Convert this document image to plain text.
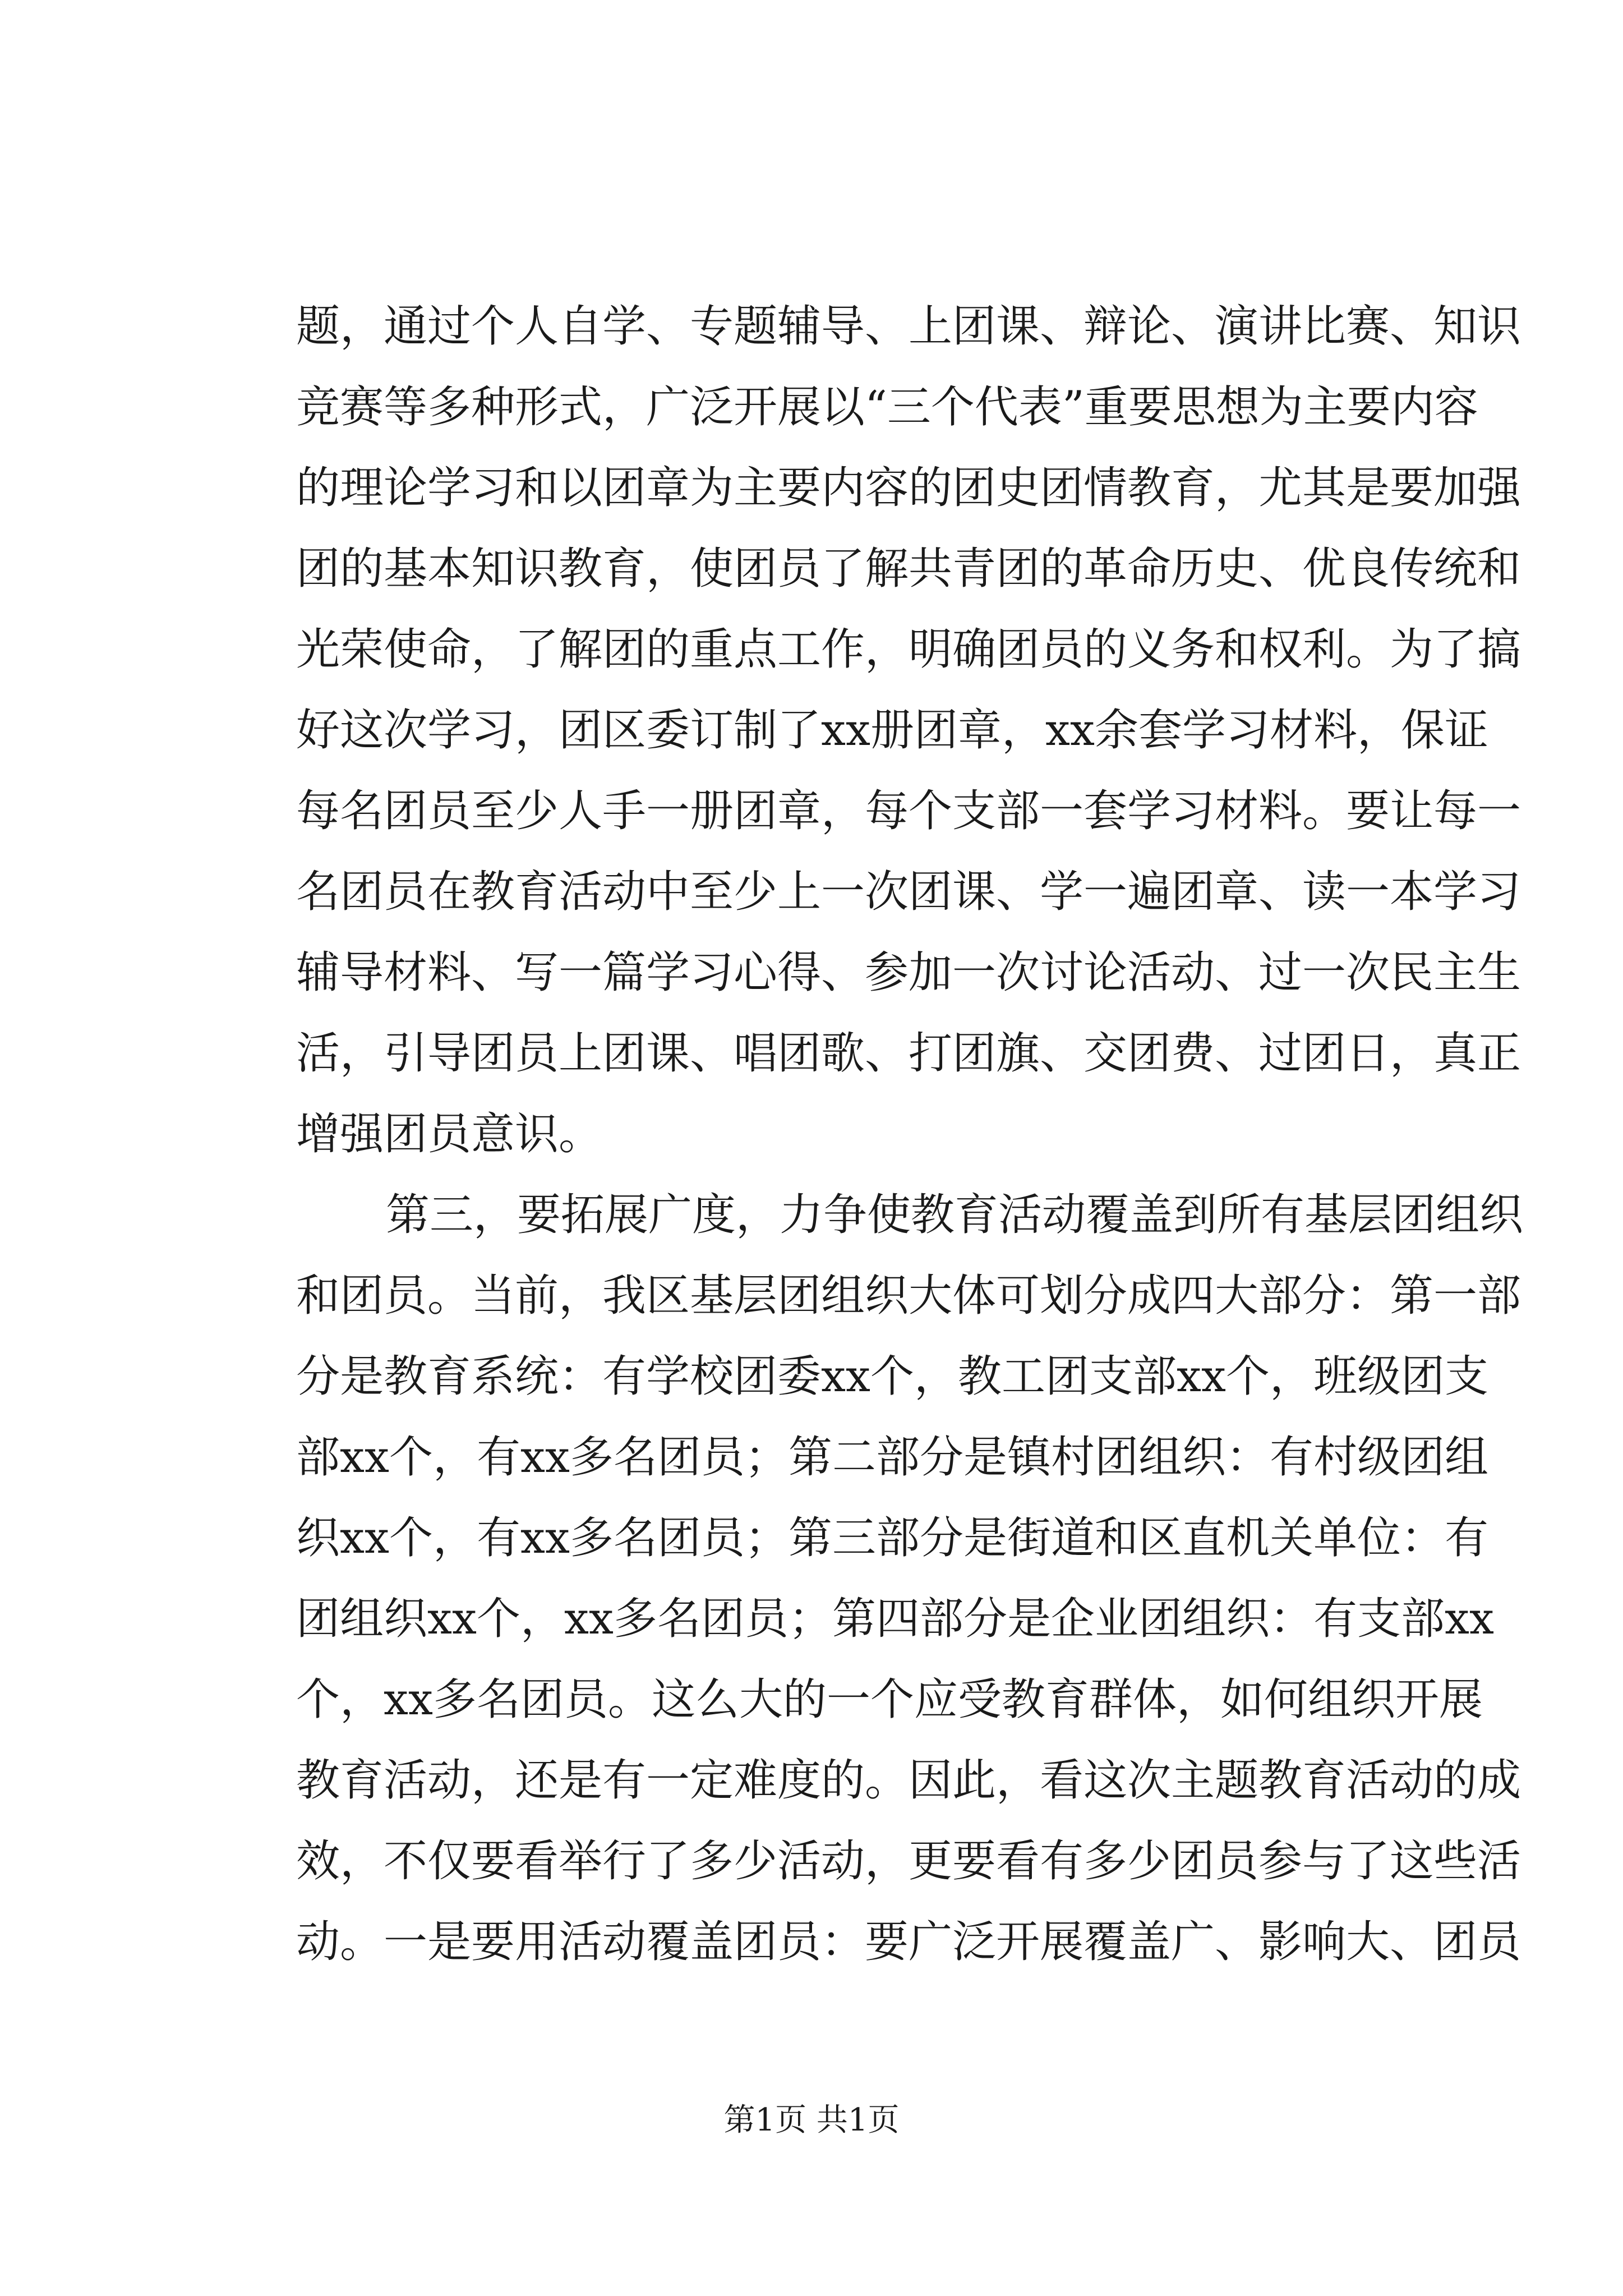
题，通过个人自学、专题辅导、上团课、辩论、演讲比赛、知识
竞赛等多种形式，广泛开展以“三个代表”重要思想为主要内容
的理论学习和以团章为主要内容的团史团情教育，尤其是要加强
团的基本知识教育，使团员了解共青团的革命历史、优良传统和
光荣使命，了解团的重点工作，明确团员的义务和权利。为了搞
好这次学习，团区委订制了xx册团章，xx余套学习材料，保证
每名团员至少人手一册团章，每个支部一套学习材料。要让每一
名团员在教育活动中至少上一次团课、学一遍团章、读一本学习
辅导材料、写一篇学习心得、参加一次讨论活动、过一次民主生
活，引导团员上团课、唱团歌、打团旗、交团费、过团日，真正
增强团员意识。
第三，要拓展广度，力争使教育活动覆盖到所有基层团组织
和团员。当前，我区基层团组织大体可划分成四大部分：第一部
分是教育系统：有学校团委xx个，教工团支部xx个，班级团支
部xx个，有xx多名团员；第二部分是镇村团组织：有村级团组
织xx个，有xx多名团员；第三部分是街道和区直机关单位：有
团组织xx个，xx多名团员；第四部分是企业团组织：有支部xx
个，xx多名团员。这么大的一个应受教育群体，如何组织开展
教育活动，还是有一定难度的。因此，看这次主题教育活动的成
效，不仅要看举行了多少活动，更要看有多少团员参与了这些活
动。一是要用活动覆盖团员：要广泛开展覆盖广、影响大、团员
第1页 共1页
